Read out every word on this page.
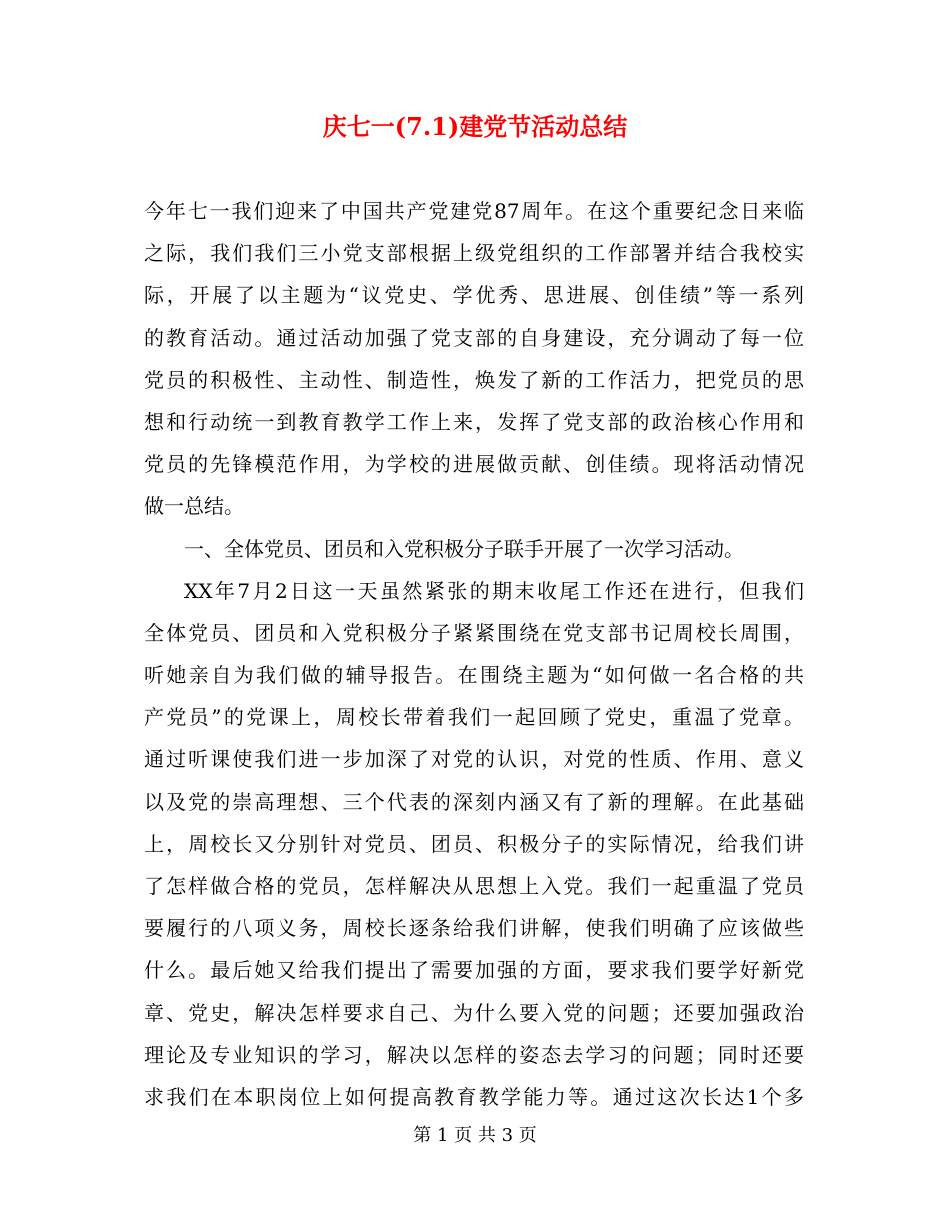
庆七一(7.1)建党节活动总结
今年七一我们迎来了中国共产党建党87周年。在这个重要纪念日来临
之际，我们我们三小党支部根据上级党组织的工作部署并结合我校实
际，开展了以主题为“议党史、学优秀、思进展、创佳绩”等一系列
的教育活动。通过活动加强了党支部的自身建设，充分调动了每一位
党员的积极性、主动性、制造性，焕发了新的工作活力，把党员的思
想和行动统一到教育教学工作上来，发挥了党支部的政治核心作用和
党员的先锋模范作用，为学校的进展做贡献、创佳绩。现将活动情况
做一总结。
一、全体党员、团员和入党积极分子联手开展了一次学习活动。
XX年7月2日这一天虽然紧张的期末收尾工作还在进行，但我们
全体党员、团员和入党积极分子紧紧围绕在党支部书记周校长周围，
听她亲自为我们做的辅导报告。在围绕主题为“如何做一名合格的共
产党员”的党课上，周校长带着我们一起回顾了党史，重温了党章。
通过听课使我们进一步加深了对党的认识，对党的性质、作用、意义
以及党的崇高理想、三个代表的深刻内涵又有了新的理解。在此基础
上，周校长又分别针对党员、团员、积极分子的实际情况，给我们讲
了怎样做合格的党员，怎样解决从思想上入党。我们一起重温了党员
要履行的八项义务，周校长逐条给我们讲解，使我们明确了应该做些
什么。最后她又给我们提出了需要加强的方面，要求我们要学好新党
章、党史，解决怎样要求自己、为什么要入党的问题；还要加强政治
理论及专业知识的学习，解决以怎样的姿态去学习的问题；同时还要
求我们在本职岗位上如何提高教育教学能力等。通过这次长达1个多
第 1 页 共 3 页
